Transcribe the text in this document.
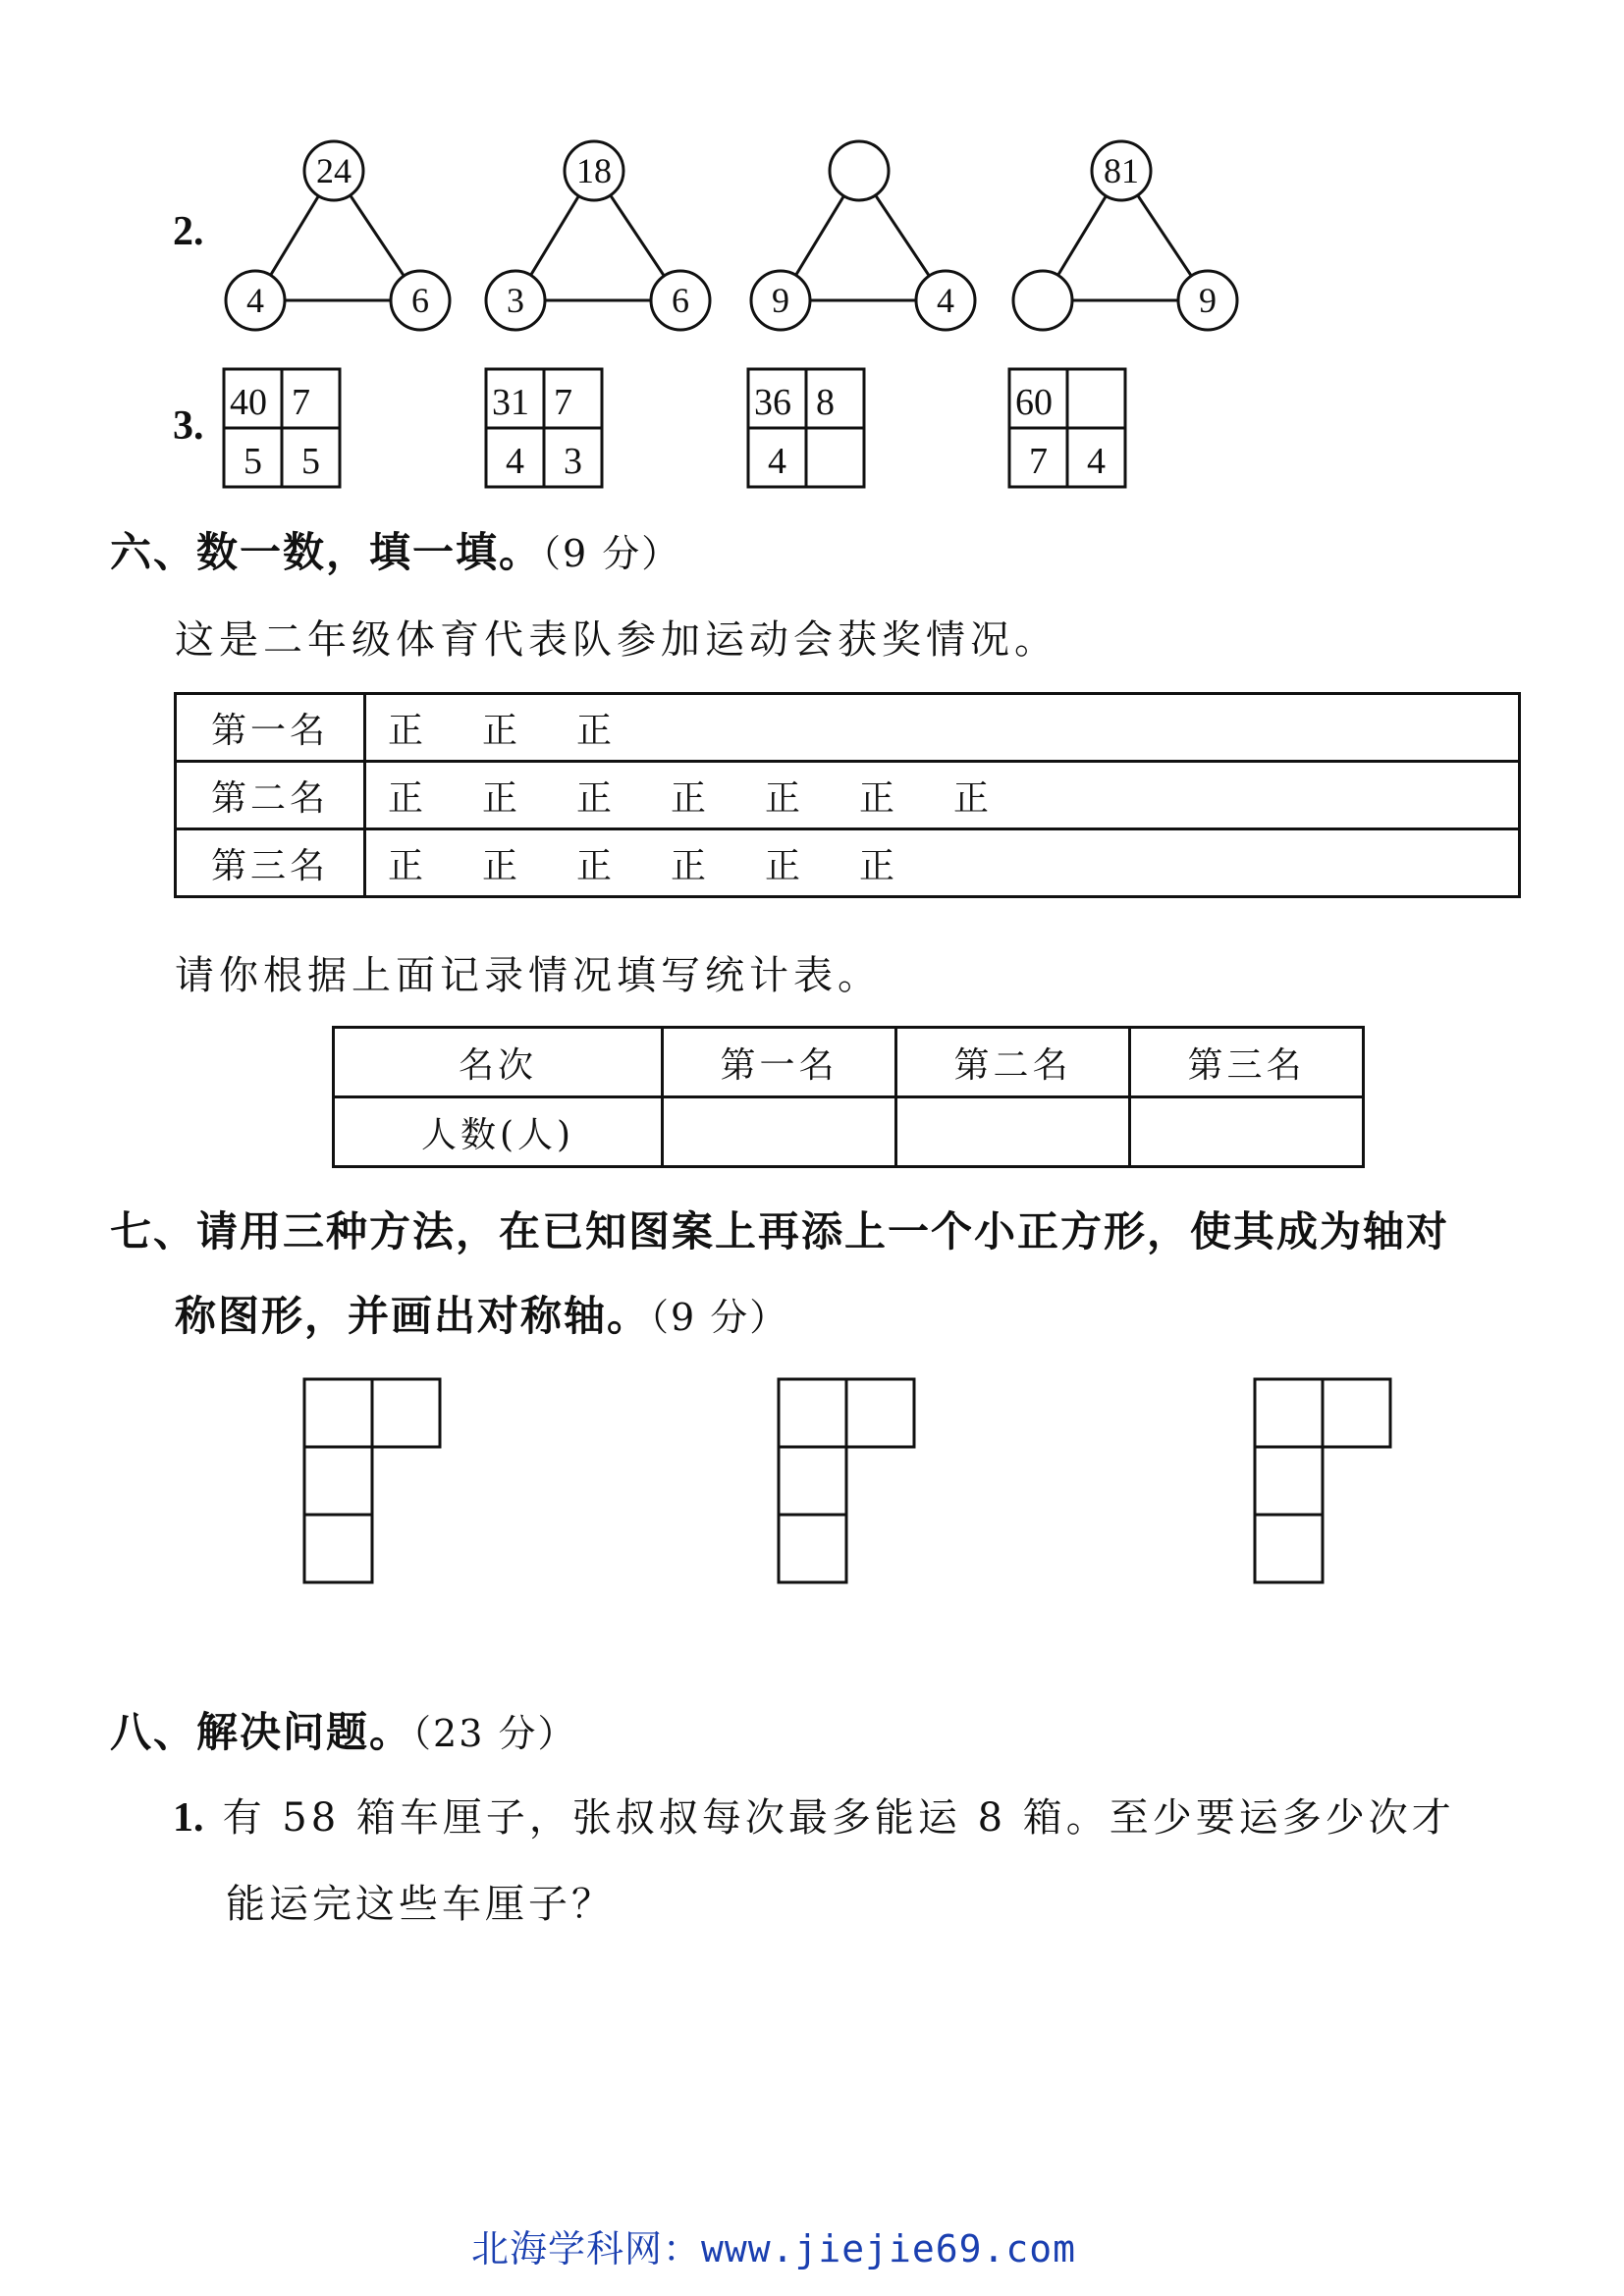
2.
24
4	6
18
3	6 9	4
81
9
3.
40 7
5 5
31 7
4 3
36 8
4
60
7 4
六、数一数，填一填。（9 分）
这是二年级体育代表队参加运动会获奖情况。
第一名	正 正 正
第二名	正 正 正 正 正 正 正
第三名	正 正 正 正 正 正
请你根据上面记录情况填写统计表。
名次	第一名	第二名	第三名
人数(人)			
七、请用三种方法，在已知图案上再添上一个小正方形，使其成为轴对
称图形，并画出对称轴。（9 分）
八、解决问题。（23 分）
1. 有 58 箱车厘子，张叔叔每次最多能运 8 箱。至少要运多少次才
能运完这些车厘子？
北海学科网：www.jiejie69.com
